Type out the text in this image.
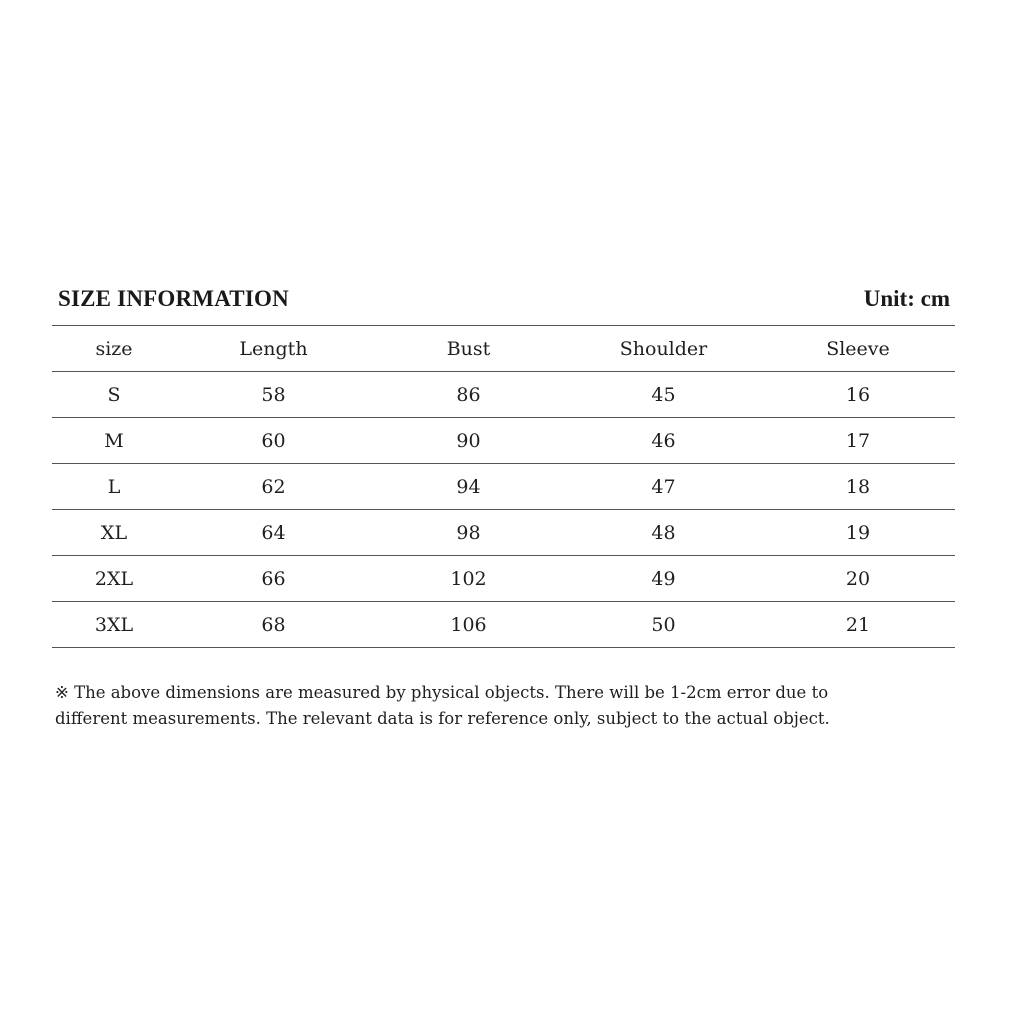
SIZE INFORMATION	Unit: cm
size	Length	Bust	Shoulder	Sleeve
S	58	86	45	16
M	60	90	46	17
L	62	94	47	18
XL	64	98	48	19
2XL	66	102	49	20
3XL	68	106	50	21
※ The above dimensions are measured by physical objects. There will be 1-2cm error due to
different measurements. The relevant data is for reference only, subject to the actual object.
